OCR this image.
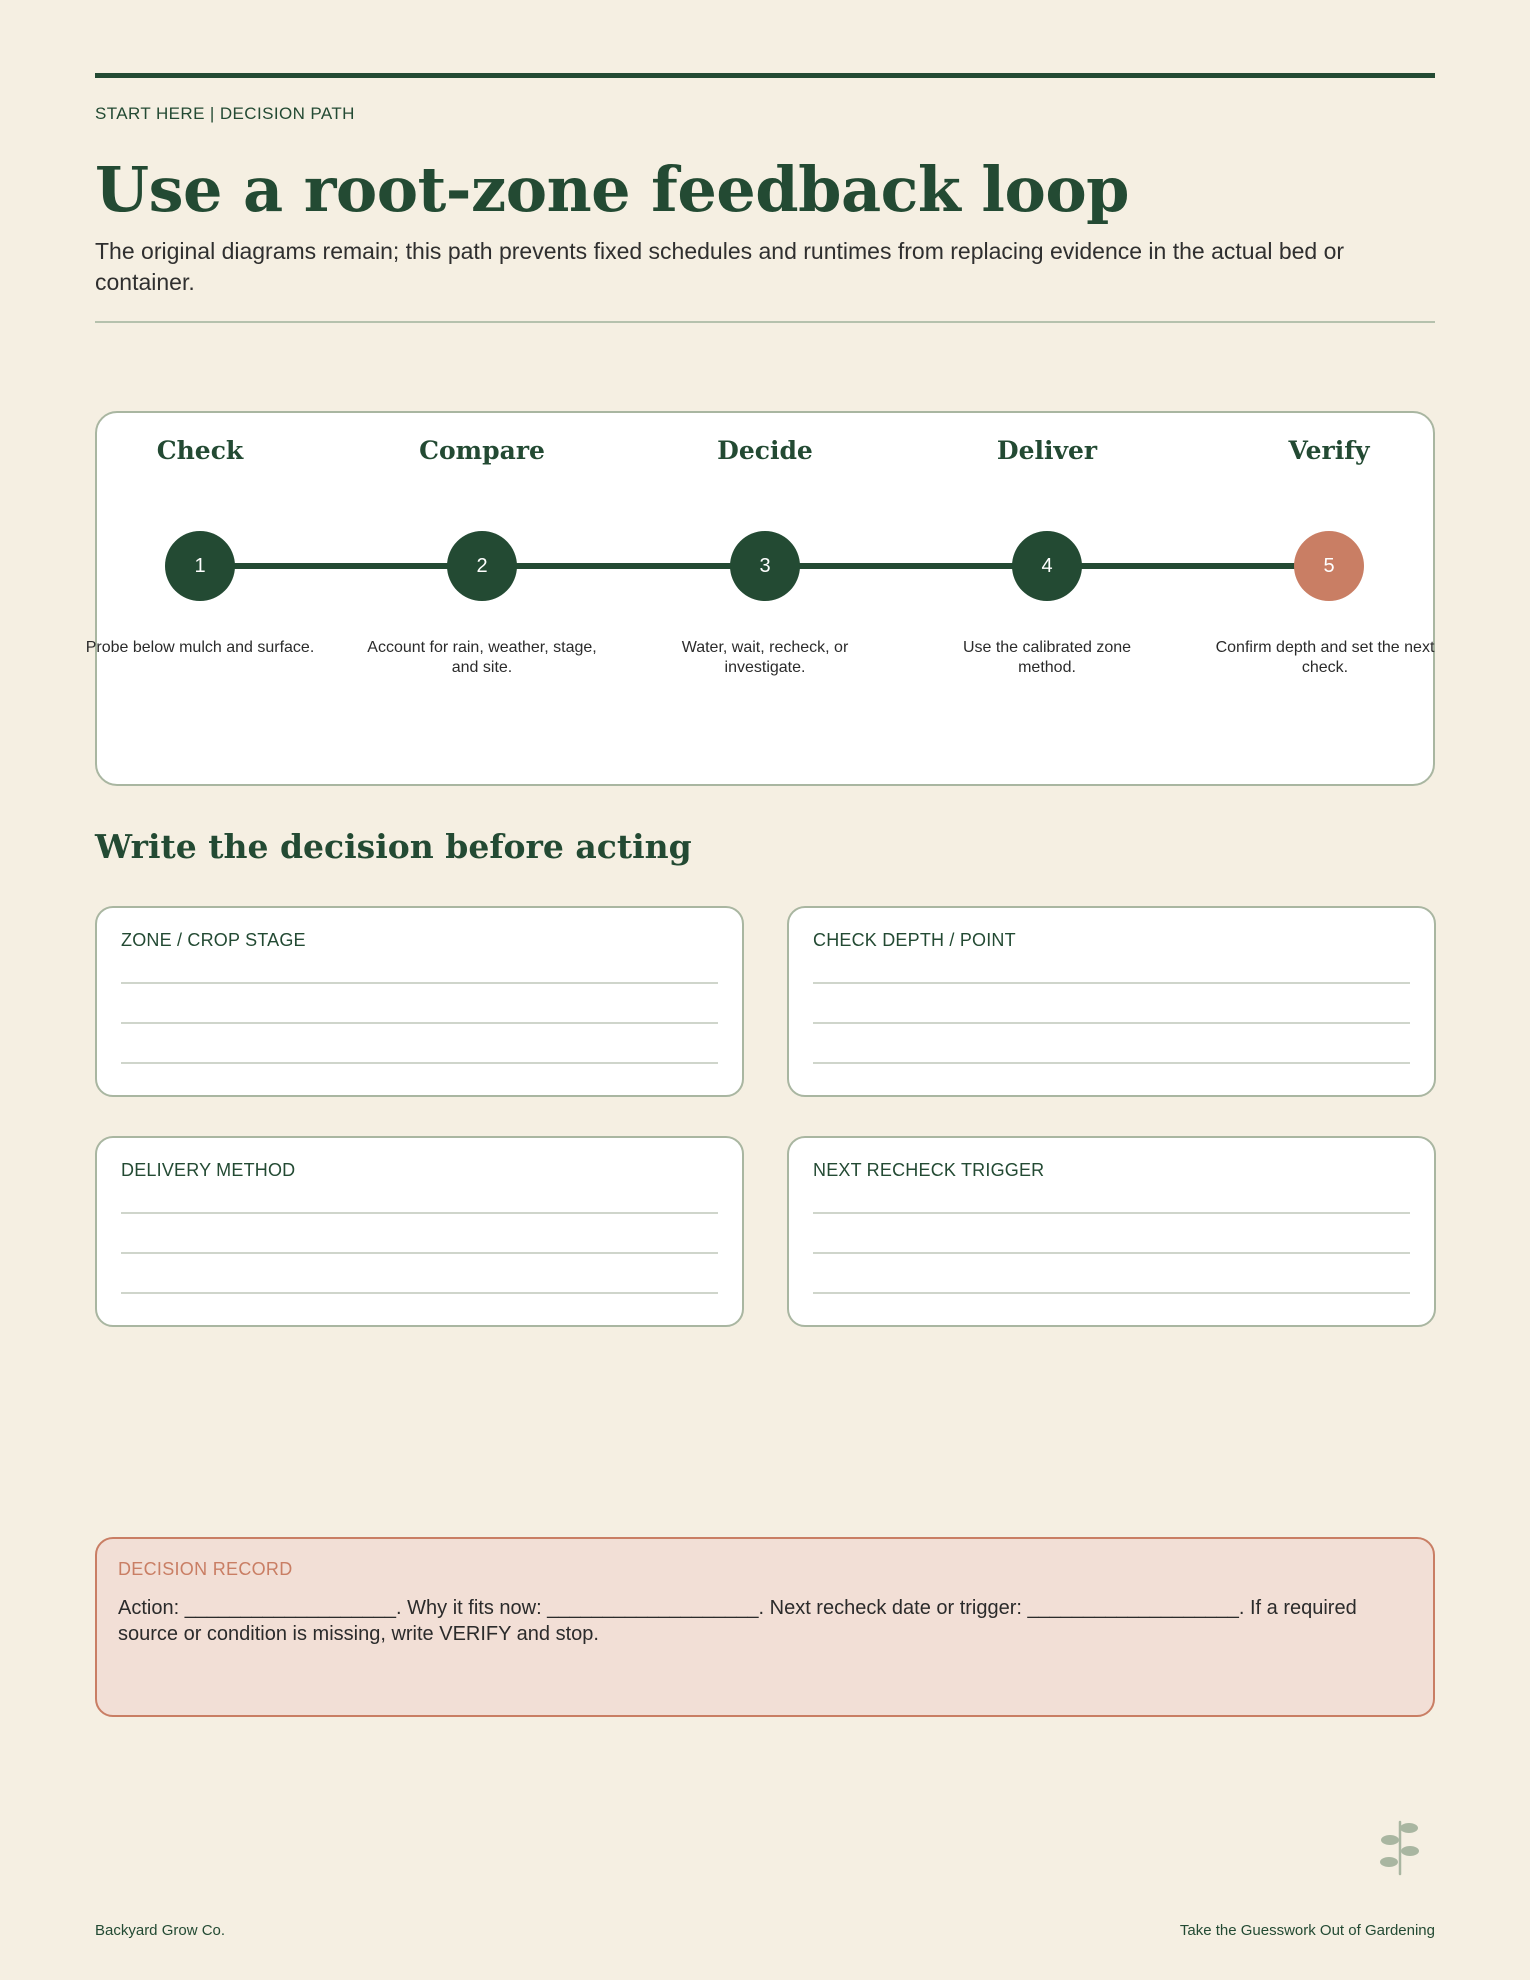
START HERE | DECISION PATH
Use a root-zone feedback loop
The original diagrams remain; this path prevents fixed schedules and runtimes from replacing evidence in the actual bed or container.
Check	Compare	Decide	Deliver	Verify
1	2	3	4	5
Probe below mulch and surface.	Account for rain, weather, stage, and site.
Water, wait, recheck, or investigate.
Use the calibrated zone method.
Confirm depth and set the next check.
Write the decision before acting
ZONE / CROP STAGE	CHECK DEPTH / POINT
DELIVERY METHOD	NEXT RECHECK TRIGGER
DECISION RECORD
Action: ___________________. Why it fits now: ___________________. Next recheck date or trigger: ___________________. If a required source or condition is missing, write VERIFY and stop.
Backyard Grow Co.	Take the Guesswork Out of Gardening
